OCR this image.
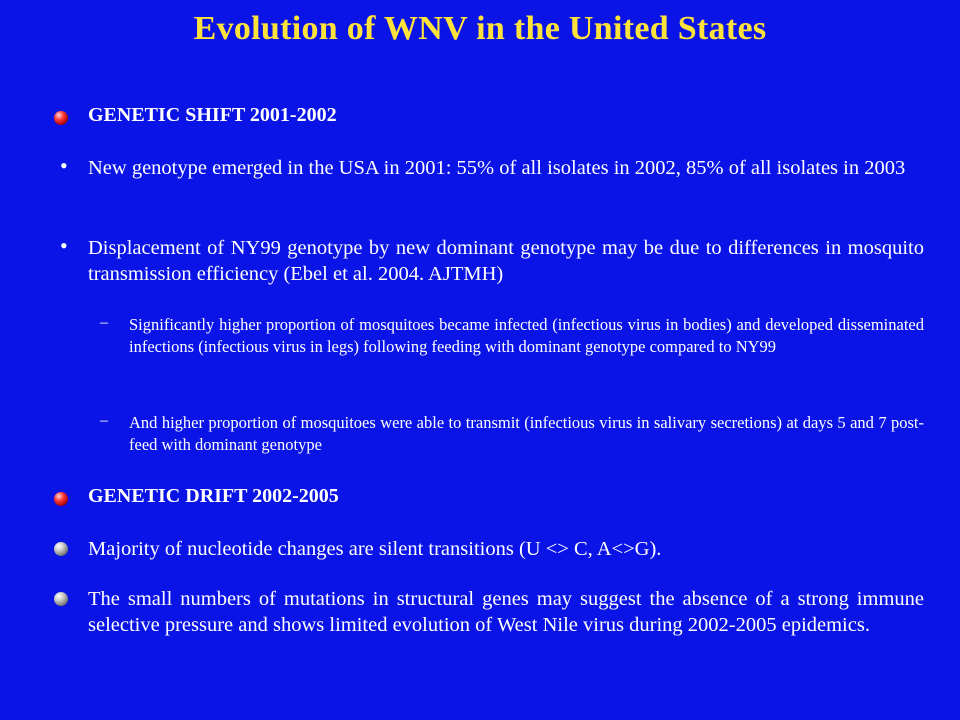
Evolution of WNV in the United States
GENETIC SHIFT 2001-2002
• New genotype emerged in the USA in 2001: 55% of all isolates in 2002, 85% of all isolates in 2003
• Displacement of NY99 genotype by new dominant genotype may be due to differences in mosquito transmission efficiency (Ebel et al. 2004. AJTMH)
– Significantly higher proportion of mosquitoes became infected (infectious virus in bodies) and developed disseminated infections (infectious virus in legs) following feeding with dominant genotype compared to NY99
– And higher proportion of mosquitoes were able to transmit (infectious virus in salivary secretions) at days 5 and 7 post-feed with dominant genotype
GENETIC DRIFT 2002-2005
Majority of nucleotide changes are silent transitions (U <> C, A<>G).
The small numbers of mutations in structural genes may suggest the absence of a strong immune selective pressure and shows limited evolution of West Nile virus during 2002-2005 epidemics.
